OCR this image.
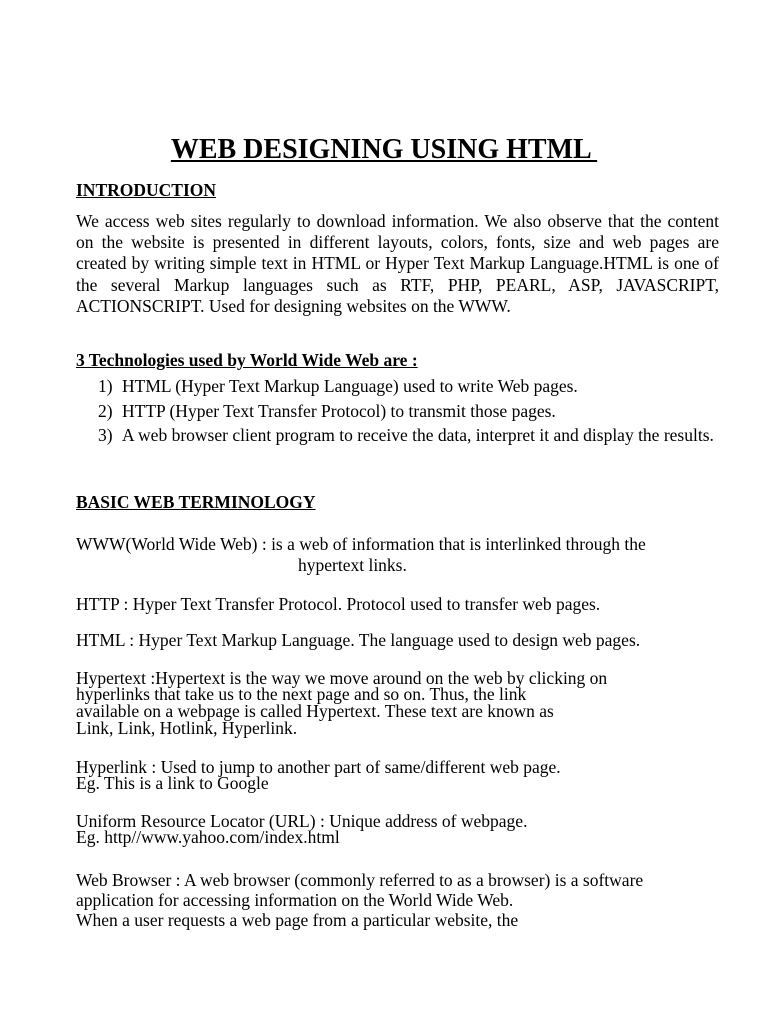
WEB DESIGNING USING HTML
INTRODUCTION

We access web sites regularly to download information. We also observe that the content on the website is presented in different layouts, colors, fonts, size and web pages are created by writing simple text in HTML or Hyper Text Markup Language.HTML is one of the several Markup languages such as RTF, PHP, PEARL, ASP, JAVASCRIPT, ACTIONSCRIPT. Used for designing websites on the WWW.

3 Technologies used by World Wide Web are :
1) HTML (Hyper Text Markup Language) used to write Web pages.
2) HTTP (Hyper Text Transfer Protocol) to transmit those pages.
3) A web browser client program to receive the data, interpret it and display the results.
BASIC WEB TERMINOLOGY
WWW(World Wide Web) : is a web of information that is interlinked through the
hypertext links.
HTTP : Hyper Text Transfer Protocol. Protocol used to transfer web pages.
HTML : Hyper Text Markup Language. The language used to design web pages.
Hypertext :Hypertext is the way we move around on the web by clicking on
hyperlinks that take us to the next page and so on. Thus, the link
available on a webpage is called Hypertext. These text are known as
Link, Link, Hotlink, Hyperlink.
Hyperlink : Used to jump to another part of same/different web page.
Eg. This is a link to Google
Uniform Resource Locator (URL) : Unique address of webpage.
Eg. http//www.yahoo.com/index.html
Web Browser : A web browser (commonly referred to as a browser) is a software
application for accessing information on the World Wide Web.
When a user requests a web page from a particular website, the
